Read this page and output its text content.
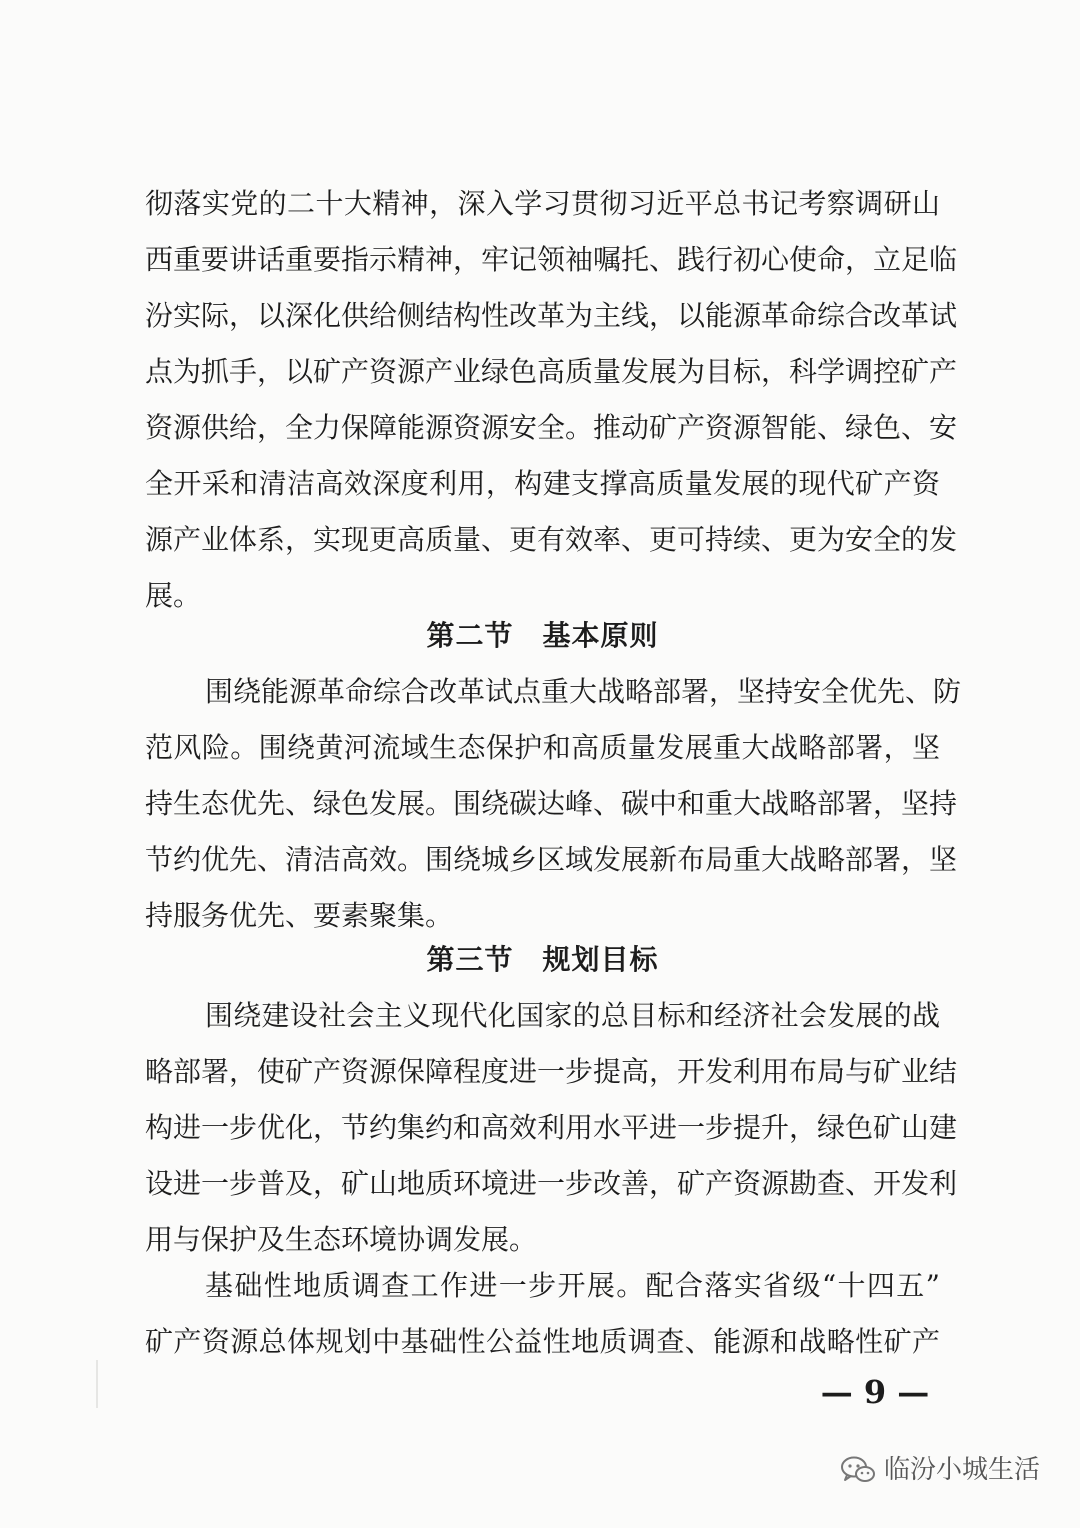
彻落实党的二十大精神，深入学习贯彻习近平总书记考察调研山
西重要讲话重要指示精神，牢记领袖嘱托、践行初心使命，立足临
汾实际，以深化供给侧结构性改革为主线，以能源革命综合改革试
点为抓手，以矿产资源产业绿色高质量发展为目标，科学调控矿产
资源供给，全力保障能源资源安全。推动矿产资源智能、绿色、安
全开采和清洁高效深度利用，构建支撑高质量发展的现代矿产资
源产业体系，实现更高质量、更有效率、更可持续、更为安全的发
展。
第二节　基本原则
围绕能源革命综合改革试点重大战略部署，坚持安全优先、防
范风险。围绕黄河流域生态保护和高质量发展重大战略部署，坚
持生态优先、绿色发展。围绕碳达峰、碳中和重大战略部署，坚持
节约优先、清洁高效。围绕城乡区域发展新布局重大战略部署，坚
持服务优先、要素聚集。
第三节　规划目标
围绕建设社会主义现代化国家的总目标和经济社会发展的战
略部署，使矿产资源保障程度进一步提高，开发利用布局与矿业结
构进一步优化，节约集约和高效利用水平进一步提升，绿色矿山建
设进一步普及，矿山地质环境进一步改善，矿产资源勘查、开发利
用与保护及生态环境协调发展。
基础性地质调查工作进一步开展。配合落实省级“十四五”
矿产资源总体规划中基础性公益性地质调查、能源和战略性矿产
— 9 —
临汾小城生活
